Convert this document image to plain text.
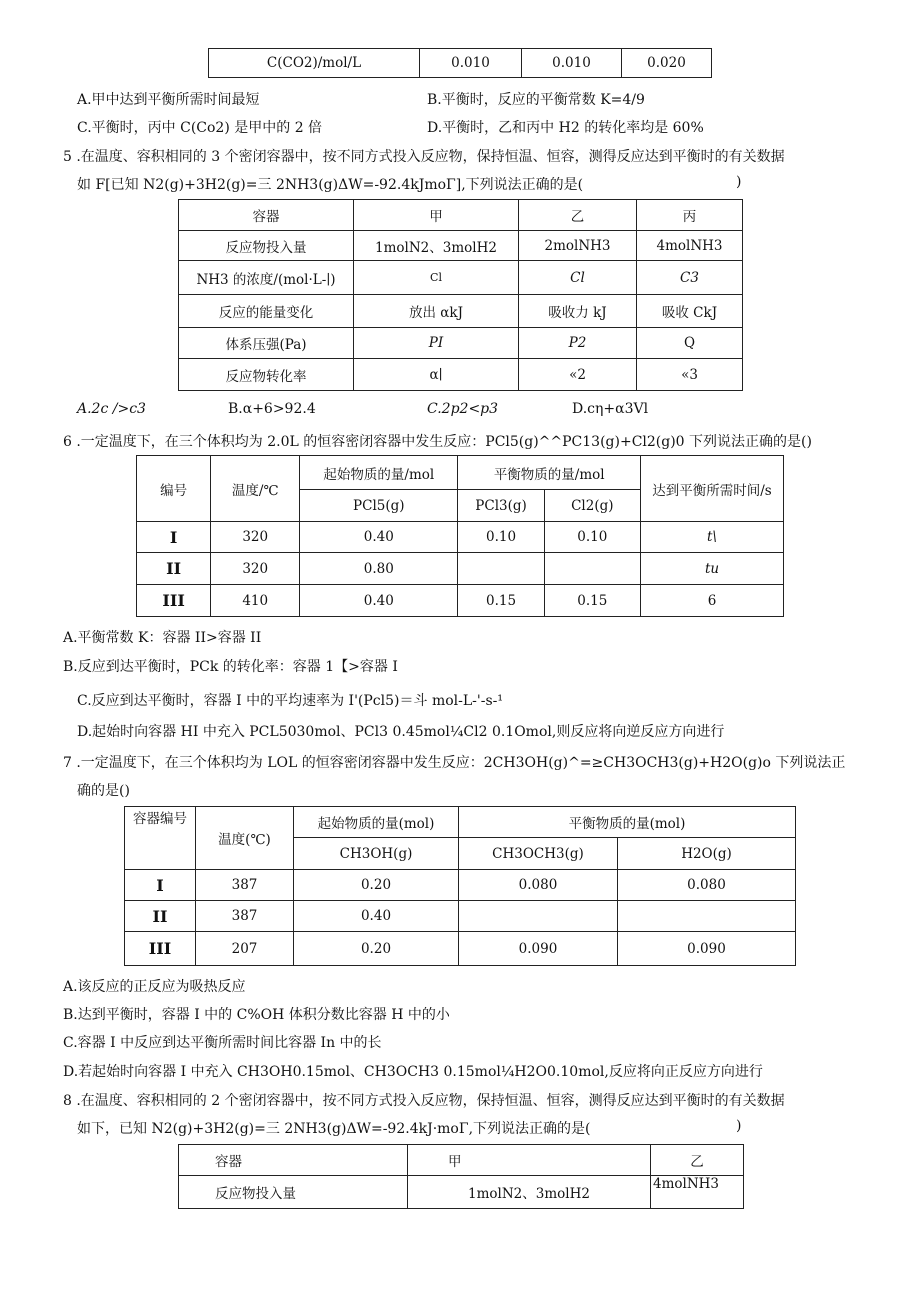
C(CO2)/mol/L	0.010	0.010	0.020
A.甲中达到平衡所需时间最短	B.平衡时，反应的平衡常数 K=4/9
C.平衡时，丙中 C(Co2) 是甲中的 2 倍	D.平衡时，乙和丙中 H2 的转化率均是 60%
5 .在温度、容积相同的 3 个密闭容器中，按不同方式投入反应物，保持恒温、恒容，测得反应达到平衡时的有关数据
如 F[已知 N2(g)+3H2(g)=三 2NH3(g)ΔW=-92.4kJmoΓ],下列说法正确的是(	)
容器	甲	乙	丙
反应物投入量	1molN2、3molH2	2molNH3	4molNH3
NH3 的浓度/(mol·L-∣)	Cl	Cl	C3
反应的能量变化	放出 αkJ	吸收力 kJ	吸收 CkJ
体系压强(Pa)	PI	P2	Q
反应物转化率	α∣	«2	«3
A.2c />c3	B.α+6>92.4	C.2p2<p3	D.cη+α3Vl
6 .一定温度下，在三个体积均为 2.0L 的恒容密闭容器中发生反应：PCl5(g)^^PC13(g)+Cl2(g)0 下列说法正确的是()
编号	温度/℃	起始物质的量/mol	平衡物质的量/mol		达到平衡所需时间/s
		PCl5(g)	PCl3(g)	Cl2(g)	
I	320	0.40	0.10	0.10	t\
II	320	0.80			tu
III	410	0.40	0.15	0.15	6
A.平衡常数 K：容器 II>容器 II
B.反应到达平衡时，PCk 的转化率：容器 1【>容器 I
C.反应到达平衡时，容器 I 中的平均速率为 I'(Pcl5)＝斗 mol-L-'-s-¹
D.起始时向容器 HI 中充入 PCL5030mol、PCl3 0.45mol¼Cl2 0.1Omol,则反应将向逆反应方向进行
7 .一定温度下，在三个体积均为 LOL 的恒容密闭容器中发生反应：2CH3OH(g)^=≥CH3OCH3(g)+H2O(g)o 下列说法正
确的是()
容器编号	温度(℃)	起始物质的量(mol)	平衡物质的量(mol)	
		CH3OH(g)	CH3OCH3(g)	H2O(g)
I	387	0.20	0.080	0.080
II	387	0.40		
III	207	0.20	0.090	0.090
A.该反应的正反应为吸热反应
B.达到平衡时，容器 I 中的 C%OH 体积分数比容器 H 中的小
C.容器 I 中反应到达平衡所需时间比容器 In 中的长
D.若起始时向容器 I 中充入 CH3OH0.15mol、CH3OCH3 0.15mol¼H2O0.10mol,反应将向正反应方向进行
8 .在温度、容积相同的 2 个密闭容器中，按不同方式投入反应物，保持恒温、恒容，测得反应达到平衡时的有关数据
如下，已知 N2(g)+3H2(g)=三 2NH3(g)ΔW=-92.4kJ·moΓ,下列说法正确的是(	)
容器	甲	乙
反应物投入量	1molN2、3molH2	4molNH3
